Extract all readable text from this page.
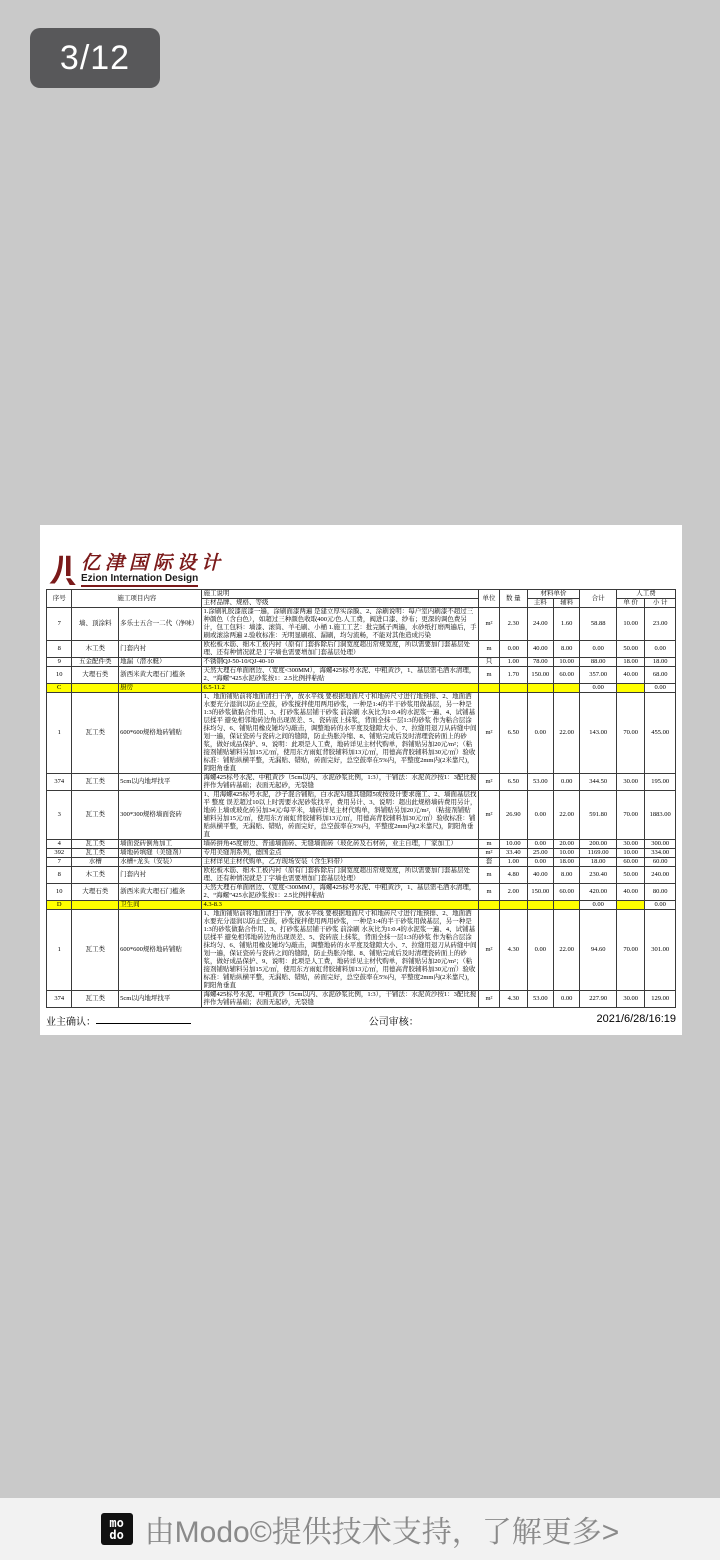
3/12
亿津国际设计
Ezion Internation Design
序号	施工项目内容		施工说明	单位	数 量	材料单价		合计	人工费	
			主材品牌、规格、等级			主料	辅料		单 价	小 计
7	墙、顶涂料	多乐士五合一二代（净味）	1.涂刷乳胶漆底漆一遍，涂刷面漆两遍 是建立厚实涂膜、2、涂刷说明：每户室内刷漆不超过三种颜色（含白色），如超过三种颜色收取400元/色.人工费，阀进口漆、纱布；更深的调色费另计，包工包料：墙漆、滚筒、羊毛刷、小桶 1.施工工艺：批完腻子两遍，水砂纸打磨两遍后，手刷或滚涂两遍 2.验收标准：无明显刷痕、漏刷，均匀流畅，不能对其他造成污染	m²	2.30	24.00	1.60	58.88	10.00	23.00
8	木工类	门套内衬	欧松板木筋、细木工板内衬（原有门套拆除后门洞宽度超出常规宽度，所以需要加门套基层处理、还有种情况就是丁字墙也需要增加门套基层处理）	m	0.00	40.00	8.00	0.00	50.00	0.00
9	五金配件类	地漏（潜水艇）	不锈钢QJ-50-10/QJ-40-10	只	1.00	78.00	10.00	88.00	18.00	18.00
10	大理石类	浙西米黄大理石门槛条	天然大理石单面磨边、（宽度<300MM），海螺425标号水泥、中粗黄沙，1、基层需毛洒水清理，2、“海螺”425水泥砂浆按1：2.5比例拌粘贴	m	1.70	150.00	60.00	357.00	40.00	68.00
C		厨房	6.5-11.2					0.00		0.00
1	瓦工类	600*600规格地砖铺贴	1、地面铺贴前将地面清扫干净，放水平线 要根据地面尺寸和地砖尺寸进行地预排、2、地面洒水要充分湿润以防止空鼓，砂浆搅拌使用两用砂浆，一种是1:4的半干砂浆用做基层，另一种是1:3的砂浆做黏合作用、3、打砂浆基层铺干砂浆 前涂刷 水灰比为1:0.4的水泥浆一遍、4、试铺基层揉平 避免相邻地砖边角出现误差、5、瓷砖底上抹浆，背面全抹一层1:3的砂浆 作为粘合层涂抹均匀、6、铺贴用橡皮锤均匀敲击，调整地砖的水平度及缝隙大小、7、拉缝用退刀从砖缝中间划一遍，保证瓷砖与瓷砖之间的缝隙，防止热胀冷缩、8、铺贴完成后及时清理瓷砖面上的砂浆，做好成品保护、9、说明：此项是人工费，地砖详见主材代购单，斜铺贴另加20元/m²；（粘接剂铺贴辅料另加15元/㎡，使用东方雨虹背胶辅料加13元/㎡，用德高背胶辅料加30元/㎡）验收标准：铺贴纵横平整，无漏贴、错贴，砖面完好，总空鼓率在5%内，平整度2mm内(2米靠尺)，阴阳角垂直	m²	6.50	0.00	22.00	143.00	70.00	455.00
374	瓦工类	5cm以内地坪找平	海螺425标号水泥、中粗黄沙（5cm以内、水泥砂浆比例，1:3），干铺法：水泥黄沙按1：3配比搅拌作为铺砖基础；表面无起砂，无裂缝	m²	6.50	53.00	0.00	344.50	30.00	195.00
3	瓦工类	300*300规格墙面瓷砖	1、用海螺425标号水泥，沙子混合铺贴，白水泥勾缝其缝隙5或按设计要求施工、2、墙面基层找平 整度 误差超过10以上时需要水泥砂浆找平，费用另计、3、说明：超出此规格墙砖费用另计，地砖上墙或玻化砖另加34元/每平米，墙砖详见主材代购单，斜铺贴另加20元/m²，（粘接剂铺贴辅料另加15元/㎡，使用东方雨虹背胶辅料加13元/㎡，用德高背胶辅料加30元/㎡）验收标准：铺贴纵横平整，无漏贴、错贴，砖面完好，总空鼓率在5%内，平整度2mm内(2米靠尺)，阴阳角垂直	m²	26.90	0.00	22.00	591.80	70.00	1883.00
4	瓦工类	墙面瓷砖倒角加工	墙砖拼角45度磨边、普通墙面砖、无缝墙面砖（玻化砖及石材砖，业主自理，厂家加工）	m	10.00	0.00	20.00	200.00	30.00	300.00
392	瓦工类	墙地砖填缝（美缝剂）	专用美缝剂系列，德国金点	m²	33.40	25.00	10.00	1169.00	10.00	334.00
7	水槽	水槽+龙头（安装）	主材详见主材代购单，乙方现场安装（含生料带）	套	1.00	0.00	18.00	18.00	60.00	60.00
8	木工类	门套内衬	欧松板木筋、细木工板内衬（原有门套拆除后门洞宽度超出常规宽度，所以需要加门套基层处理、还有种情况就是丁字墙也需要增加门套基层处理）	m	4.80	40.00	8.00	230.40	50.00	240.00
10	大理石类	浙西米黄大理石门槛条	天然大理石单面磨边、（宽度<300MM），海螺425标号水泥、中粗黄沙，1、基层需毛洒水清理，2、“海螺”425水泥砂浆按1：2.5比例拌粘贴	m	2.00	150.00	60.00	420.00	40.00	80.00
D		卫生间	4.3-8.3					0.00		0.00
1	瓦工类	600*600规格地砖铺贴	1、地面铺贴前将地面清扫干净，放水平线 要根据地面尺寸和地砖尺寸进行地预排、2、地面洒水要充分湿润以防止空鼓，砂浆搅拌使用两用砂浆，一种是1:4的半干砂浆用做基层，另一种是1:3的砂浆做黏合作用、3、打砂浆基层铺干砂浆 前涂刷 水灰比为1:0.4的水泥浆一遍、4、试铺基层揉平 避免相邻地砖边角出现误差、5、瓷砖底上抹浆，背面全抹一层1:3的砂浆 作为粘合层涂抹均匀、6、铺贴用橡皮锤均匀敲击，调整地砖的水平度及缝隙大小、7、拉缝用退刀从砖缝中间划一遍，保证瓷砖与瓷砖之间的缝隙，防止热胀冷缩、8、铺贴完成后及时清理瓷砖面上的砂浆，做好成品保护、9、说明：此项是人工费，地砖详见主材代购单，斜铺贴另加20元/m²；（粘接剂铺贴辅料另加15元/㎡，使用东方雨虹背胶辅料加13元/㎡，用德高背胶辅料加30元/㎡）验收标准：铺贴纵横平整，无漏贴、错贴，砖面完好，总空鼓率在5%内，平整度2mm内(2米靠尺)，阴阳角垂直	m²	4.30	0.00	22.00	94.60	70.00	301.00
374	瓦工类	5cm以内地坪找平	海螺425标号水泥、中粗黄沙（5cm以内、水泥砂浆比例，1:3），干铺法：水泥黄沙按1：3配比搅拌作为铺砖基础；表面无起砂，无裂缝	m²	4.30	53.00	0.00	227.90	30.00	129.00
业主确认：	公司审核：	2021/6/28/16:19
mo
do 由Modo©提供技术支持，了解更多>
